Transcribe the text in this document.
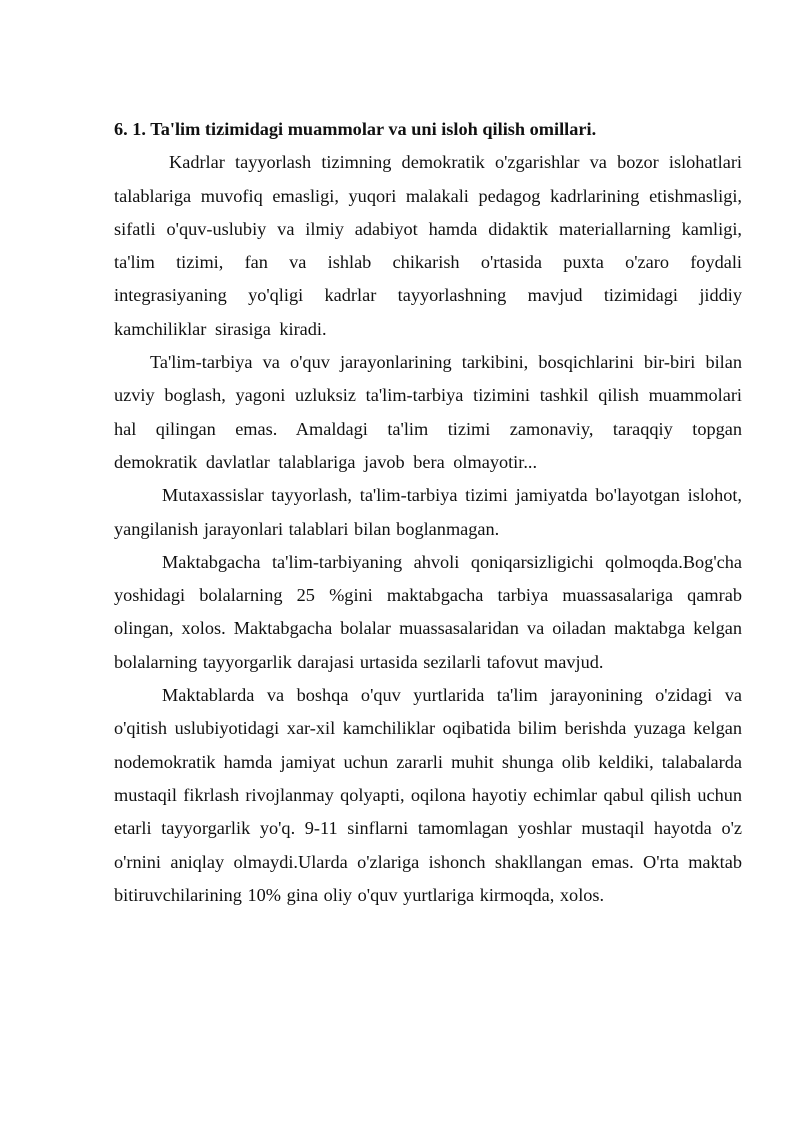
6. 1. Ta'lim tizimidagi muammolar va uni isloh qilish omillari.

Kadrlar tayyorlash tizimning demokratik o'zgarishlar va bozor islohatlari talablariga muvofiq emasligi, yuqori malakali pedagog kadrlarining etishmasligi, sifatli o'quv-uslubiy va ilmiy adabiyot hamda didaktik materiallarning kamligi, ta'lim tizimi, fan va ishlab chikarish o'rtasida puxta o'zaro foydali integrasiyaning yo'qligi kadrlar tayyorlashning mavjud tizimidagi jiddiy kamchiliklar sirasiga kiradi.

Ta'lim-tarbiya va o'quv jarayonlarining tarkibini, bosqichlarini bir-biri bilan uzviy boglash, yagoni uzluksiz ta'lim-tarbiya tizimini tashkil qilish muammolari hal qilingan emas. Amaldagi ta'lim tizimi zamonaviy, taraqqiy topgan demokratik davlatlar talablariga javob bera olmayotir...

Mutaxassislar tayyorlash, ta'lim-tarbiya tizimi jamiyatda bo'layotgan islohot, yangilanish jarayonlari talablari bilan boglanmagan.

Maktabgacha ta'lim-tarbiyaning ahvoli qoniqarsizligichi qolmoqda.Bog'cha yoshidagi bolalarning 25 %gini maktabgacha tarbiya muassasalariga qamrab olingan, xolos. Maktabgacha bolalar muassasalaridan va oiladan maktabga kelgan bolalarning tayyorgarlik darajasi urtasida sezilarli tafovut mavjud.

Maktablarda va boshqa o'quv yurtlarida ta'lim jarayonining o'zidagi va o'qitish uslubiyotidagi xar-xil kamchiliklar oqibatida bilim berishda yuzaga kelgan nodemokratik hamda jamiyat uchun zararli muhit shunga olib keldiki, talabalarda mustaqil fikrlash rivojlanmay qolyapti, oqilona hayotiy echimlar qabul qilish uchun etarli tayyorgarlik yo'q. 9-11 sinflarni tamomlagan yoshlar mustaqil hayotda o'z o'rnini aniqlay olmaydi.Ularda o'zlariga ishonch shakllangan emas. O'rta maktab bitiruvchilarining 10% gina oliy o'quv yurtlariga kirmoqda, xolos.
